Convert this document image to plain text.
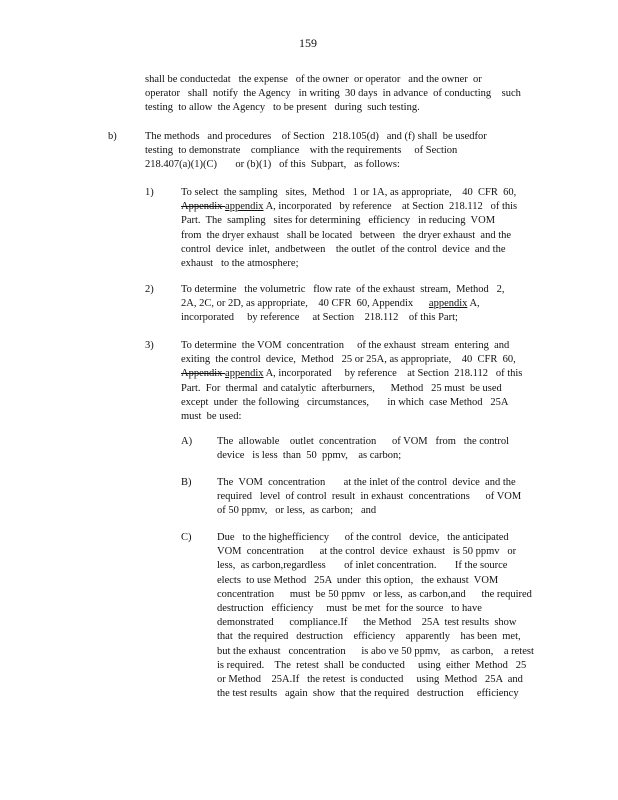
159
shall be conductedat   the expense   of the owner  or operator   and the owner  or
operator   shall  notify  the Agency   in writing  30 days  in advance  of conducting    such
testing  to allow  the Agency   to be present   during  such testing.
b)	The methods   and procedures    of Section   218.105(d)   and (f) shall  be usedfor
testing  to demonstrate    compliance    with the requirements     of Section
218.407(a)(1)(C)       or (b)(1)   of this  Subpart,   as follows:
1)	To select  the sampling   sites,  Method   1 or 1A, as appropriate,    40  CFR  60,
Appendix appendix A, incorporated   by reference    at Section  218.112   of this
Part.  The  sampling   sites for determining   efficiency   in reducing  VOM
from  the dryer exhaust   shall be located   between   the dryer exhaust  and the
control  device  inlet,  andbetween    the outlet  of the control  device  and the
exhaust   to the atmosphere;
2)	To determine   the volumetric   flow rate  of the exhaust  stream,  Method   2,
2A, 2C, or 2D, as appropriate,    40 CFR  60, Appendix      appendix A,
incorporated     by reference     at Section    218.112    of this Part;
3)	To determine  the VOM  concentration     of the exhaust  stream  entering  and
exiting  the control  device,  Method   25 or 25A, as appropriate,    40  CFR  60,
Appendix appendix A, incorporated     by reference    at Section  218.112   of this
Part.  For  thermal  and catalytic  afterburners,      Method   25 must  be used
except  under  the following   circumstances,       in which  case Method   25A
must  be used:
A) The  allowable    outlet  concentration      of VOM   from   the control
device   is less  than  50  ppmv,    as carbon;
B) The  VOM  concentration       at the inlet of the control  device  and the
required   level  of control  result  in exhaust  concentrations      of VOM
of 50 ppmv,   or less,  as carbon;   and
C) Due   to the highefficiency      of the control   device,   the anticipated
VOM  concentration      at the control  device  exhaust   is 50 ppmv   or
less,  as carbon,regardless       of inlet concentration.       If the source
elects  to use Method   25A  under  this option,   the exhaust  VOM
concentration      must  be 50 ppmv   or less,  as carbon,and      the required
destruction   efficiency     must  be met  for the source   to have
demonstrated      compliance.If      the Method    25A  test results  show
that  the required   destruction    efficiency    apparently    has been  met,
but the exhaust   concentration      is abo ve 50 ppmv,    as carbon,    a retest
is required.    The  retest  shall  be conducted     using  either  Method   25
or Method    25A.If   the retest  is conducted     using  Method   25A  and
the test results   again  show  that the required   destruction     efficiency
